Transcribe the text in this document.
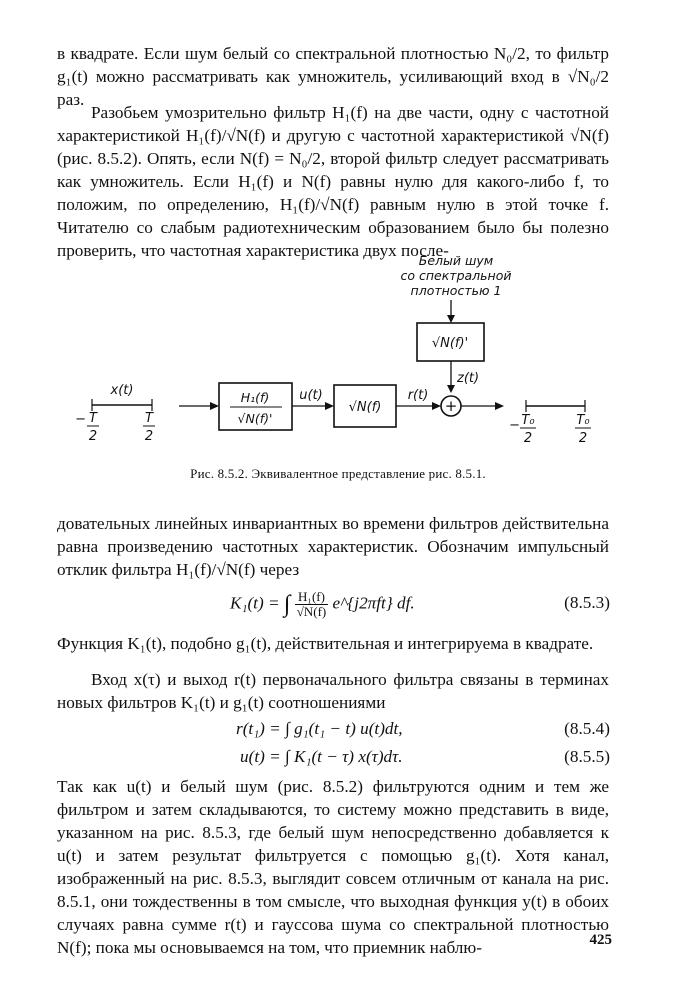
в квадрате. Если шум белый со спектральной плотностью N₀/2, то фильтр g₁(t) можно рассматривать как умножитель, усиливающий вход в √N₀/2 раз.

Разобьем умозрительно фильтр H₁(f) на две части, одну с частотной характеристикой H₁(f)/√N(f) и другую с частотной характеристикой √N(f) (рис. 8.5.2). Опять, если N(f) = N₀/2, второй фильтр следует рассматривать как умножитель. Если H₁(f) и N(f) равны нулю для какого-либо f, то положим, по определению, H₁(f)/√N(f) равным нулю в этой точке f. Читателю со слабым радиотехническим образованием было бы полезно проверить, что частотная характеристика двух после-

Белый шум
со спектральной
плотностью 1
√N(f)'
z(t)
x(t)
− T
2
T
2
H₁(f)
√N(f)'
u(t)
√N(f)
r(t)
+
− T₀
2
T₀
2
Рис. 8.5.2. Эквивалентное представление рис. 8.5.1.

довательных линейных инвариантных во времени фильтров действительна равна произведению частотных характеристик. Обозначим импульсный отклик фильтра H₁(f)/√N(f) через

K₁(t) = ∫ $\frac{\text{H₁(f)}}{√N(f)}$ e^{j2πft} df.	(8.5.3)

Функция K₁(t), подобно g₁(t), действительная и интегрируема в квадрате.

Вход x(τ) и выход r(t) первоначального фильтра связаны в терминах новых фильтров K₁(t) и g₁(t) соотношениями

r(t₁) = ∫ g₁(t₁ − t) u(t)dt,	(8.5.4)
u(t) = ∫ K₁(t − τ) x(τ)dτ.	(8.5.5)

Так как u(t) и белый шум (рис. 8.5.2) фильтруются одним и тем же фильтром и затем складываются, то систему можно представить в виде, указанном на рис. 8.5.3, где белый шум непосредственно добавляется к u(t) и затем результат фильтруется с помощью g₁(t). Хотя канал, изображенный на рис. 8.5.3, выглядит совсем отличным от канала на рис. 8.5.1, они тождественны в том смысле, что выходная функция y(t) в обоих случаях равна сумме r(t) и гауссова шума со спектральной плотностью N(f); пока мы основываемся на том, что приемник наблю-	425
